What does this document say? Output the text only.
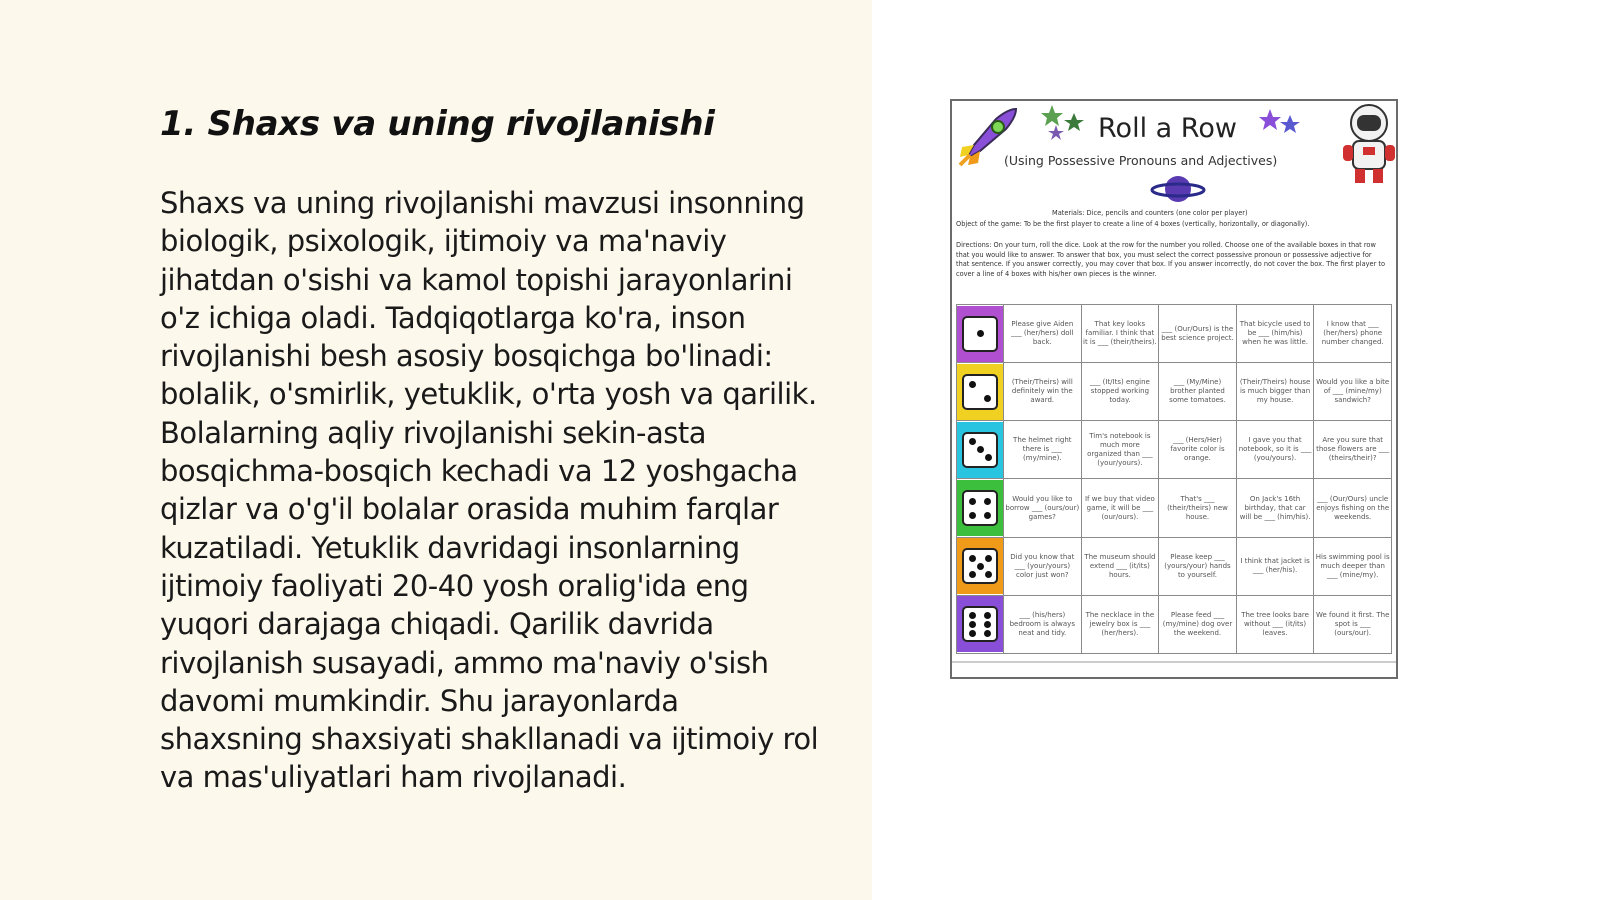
1. Shaxs va uning rivojlanishi

Shaxs va uning rivojlanishi mavzusi insonning biologik, psixologik, ijtimoiy va ma'naviy jihatdan o'sishi va kamol topishi jarayonlarini o'z ichiga oladi. Tadqiqotlarga ko'ra, inson rivojlanishi besh asosiy bosqichga bo'linadi: bolalik, o'smirlik, yetuklik, o'rta yosh va qarilik. Bolalarning aqliy rivojlanishi sekin-asta bosqichma-bosqich kechadi va 12 yoshgacha qizlar va o'g'il bolalar orasida muhim farqlar kuzatiladi. Yetuklik davridagi insonlarning ijtimoiy faoliyati 20-40 yosh oralig'ida eng yuqori darajaga chiqadi. Qarilik davrida rivojlanish susayadi, ammo ma'naviy o'sish davomi mumkindir. Shu jarayonlarda shaxsning shaxsiyati shakllanadi va ijtimoiy rol va mas'uliyatlari ham rivojlanadi.

Roll a Row
(Using Possessive Pronouns and Adjectives)
Materials: Dice, pencils and counters (one color per player)
Object of the game: To be the first player to create a line of 4 boxes (vertically, horizontally, or diagonally).
Directions: On your turn, roll the dice. Look at the row for the number you rolled. Choose one of the available boxes in that row that you would like to answer. To answer that box, you must select the correct possessive pronoun or possessive adjective for that sentence. If you answer correctly, you may cover that box. If you answer incorrectly, do not cover the box. The first player to cover a line of 4 boxes with his/her own pieces is the winner.
	Please give Aiden ___ (her/hers) doll back.	That key looks familiar. I think that it is ___ (their/theirs).	___ (Our/Ours) is the best science project.	That bicycle used to be ___ (him/his) when he was little.	I know that ___ (her/hers) phone number changed.

	(Their/Theirs) will definitely win the award.	___ (It/Its) engine stopped working today.	___ (My/Mine) brother planted some tomatoes.	(Their/Theirs) house is much bigger than my house.	Would you like a bite of ___ (mine/my) sandwich?

	The helmet right there is ___ (my/mine).	Tim's notebook is much more organized than ___ (your/yours).	___ (Hers/Her) favorite color is orange.	I gave you that notebook, so it is ___ (you/yours).	Are you sure that those flowers are ___ (theirs/their)?

	Would you like to borrow ___ (ours/our) games?	If we buy that video game, it will be ___ (our/ours).	That's ___ (their/theirs) new house.	On Jack's 16th birthday, that car will be ___ (him/his).	___ (Our/Ours) uncle enjoys fishing on the weekends.

	Did you know that ___ (your/yours) color just won?	The museum should extend ___ (it/its) hours.	Please keep ___ (yours/your) hands to yourself.	I think that jacket is ___ (her/his).	His swimming pool is much deeper than ___ (mine/my).

	___ (his/hers) bedroom is always neat and tidy.	The necklace in the jewelry box is ___ (her/hers).	Please feed ___ (my/mine) dog over the weekend.	The tree looks bare without ___ (it/its) leaves.	We found it first. The spot is ___ (ours/our).
